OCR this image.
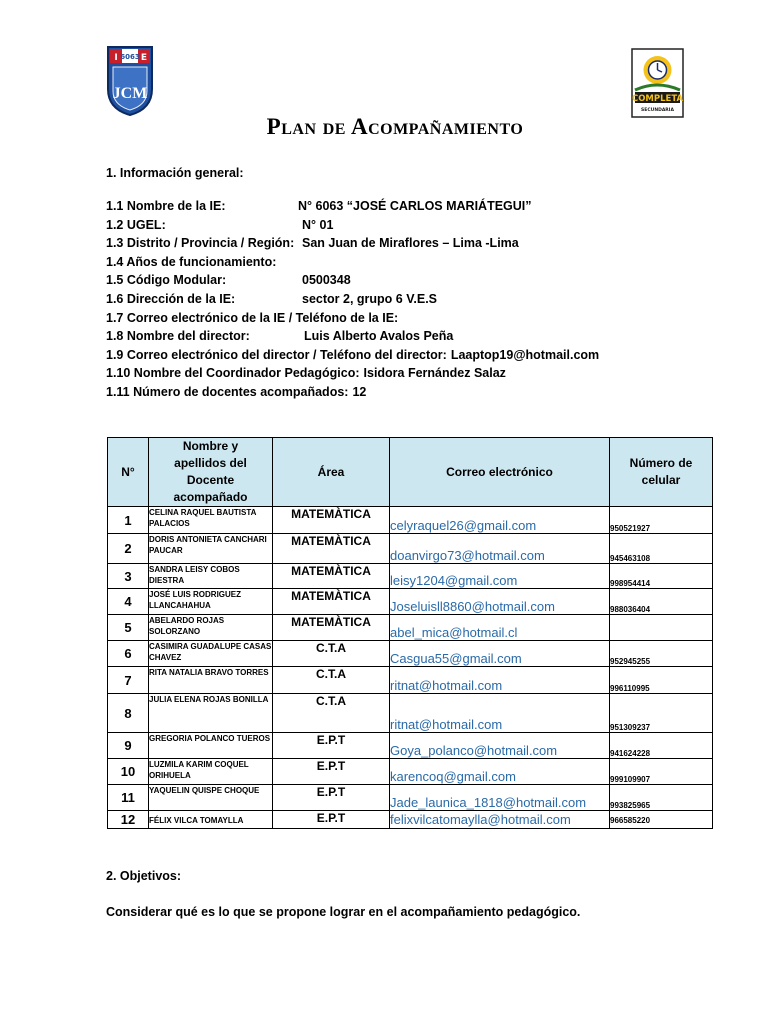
I	E
6063
JCM	COMPLETA
SECUNDARIA
Plan de Acompañamiento
1. Información general:
1.1 Nombre de la IE:	N° 6063 “JOSÉ CARLOS MARIÁTEGUI”
1.2 UGEL:	N° 01
1.3 Distrito / Provincia / Región: San Juan de Miraflores – Lima -Lima
1.4 Años de funcionamiento:
1.5 Código Modular:	0500348
1.6 Dirección de la IE:	sector 2, grupo 6 V.E.S
1.7 Correo electrónico de la IE / Teléfono de la IE:
1.8 Nombre del director:	Luis Alberto Avalos Peña
1.9 Correo electrónico del director / Teléfono del director: Laaptop19@hotmail.com
1.10 Nombre del Coordinador Pedagógico: Isidora Fernández Salaz
1.11 Número de docentes acompañados: 12
N°	Nombre y apellidos del Docente acompañado	Área	Correo electrónico	Número de celular
1	CELINA RAQUEL BAUTISTA PALACIOS	MATEMÀTICA	celyraquel26@gmail.com	950521927
2	DORIS ANTONIETA CANCHARI PAUCAR	MATEMÀTICA	doanvirgo73@hotmail.com	945463108
3	SANDRA LEISY COBOS DIESTRA	MATEMÀTICA	leisy1204@gmail.com	998954414
4	JOSÉ LUIS RODRIGUEZ LLANCAHAHUA	MATEMÀTICA	Joseluisll8860@hotmail.com	988036404
5	ABELARDO ROJAS SOLORZANO	MATEMÀTICA	abel_mica@hotmail.cl	
6	CASIMIRA GUADALUPE CASAS CHAVEZ	C.T.A	Casgua55@gmail.com	952945255
7	RITA NATALIA BRAVO TORRES	C.T.A	ritnat@hotmail.com	996110995
8	JULIA ELENA ROJAS BONILLA	C.T.A	ritnat@hotmail.com	951309237
9	GREGORIA POLANCO TUEROS	E.P.T	Goya_polanco@hotmail.com	941624228
10	LUZMILA KARIM COQUEL ORIHUELA	E.P.T	karencoq@gmail.com	999109907
11	YAQUELIN QUISPE CHOQUE	E.P.T	Jade_launica_1818@hotmail.com	993825965
12	FÉLIX VILCA TOMAYLLA	E.P.T	felixvilcatomaylla@hotmail.com	966585220
2. Objetivos:
Considerar qué es lo que se propone lograr en el acompañamiento pedagógico.
